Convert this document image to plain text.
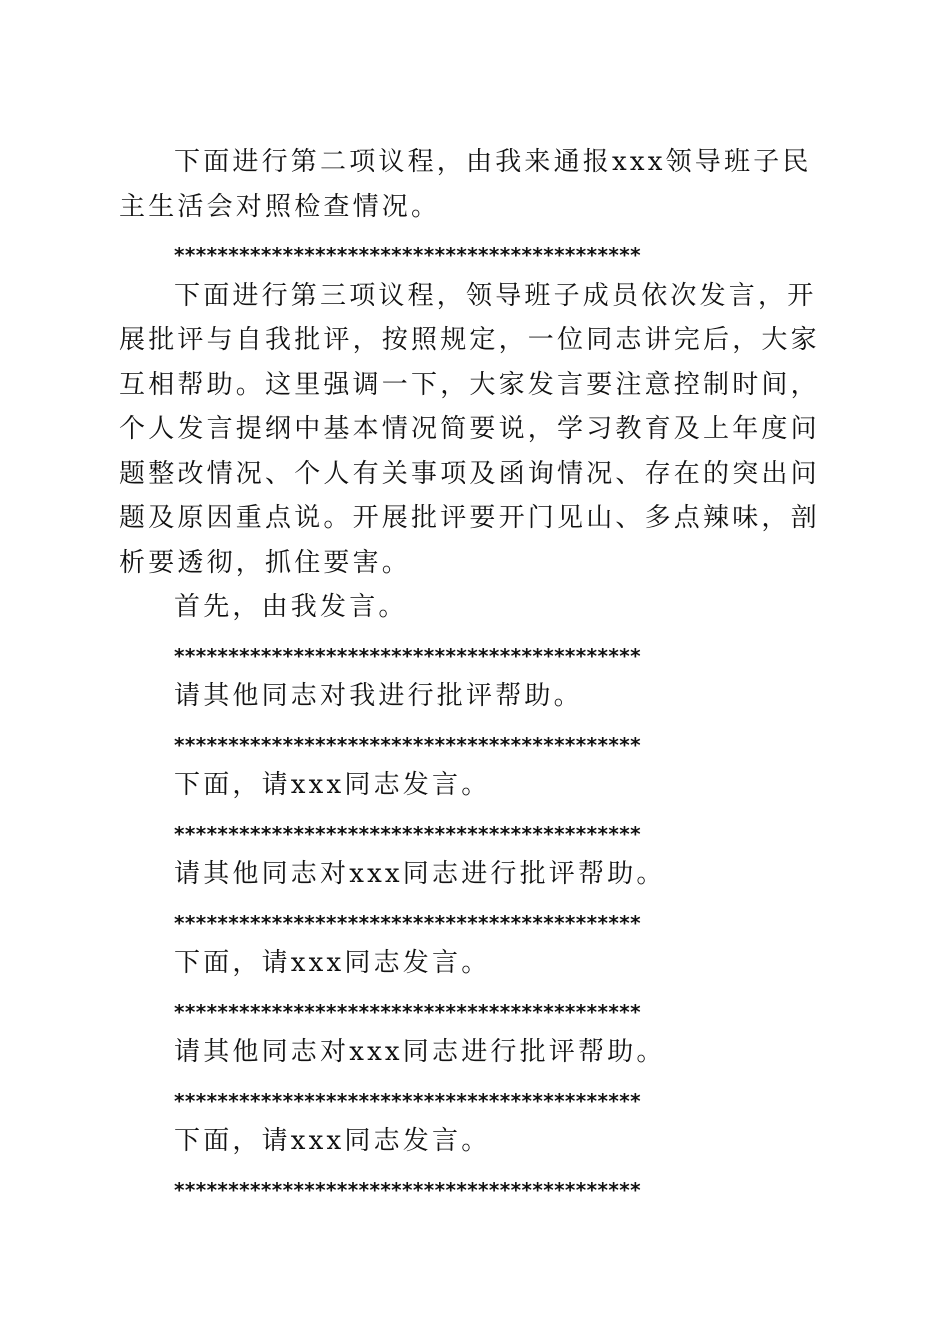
下面进行第二项议程，由我来通报xxx领导班子民主生活会对照检查情况。

*******************************************

下面进行第三项议程，领导班子成员依次发言，开展批评与自我批评，按照规定，一位同志讲完后，大家互相帮助。这里强调一下，大家发言要注意控制时间，个人发言提纲中基本情况简要说，学习教育及上年度问题整改情况、个人有关事项及函询情况、存在的突出问题及原因重点说。开展批评要开门见山、多点辣味，剖析要透彻，抓住要害。

首先，由我发言。

*******************************************

请其他同志对我进行批评帮助。

*******************************************

下面，请xxx同志发言。

*******************************************

请其他同志对xxx同志进行批评帮助。

*******************************************

下面，请xxx同志发言。

*******************************************

请其他同志对xxx同志进行批评帮助。

*******************************************

下面，请xxx同志发言。

*******************************************
